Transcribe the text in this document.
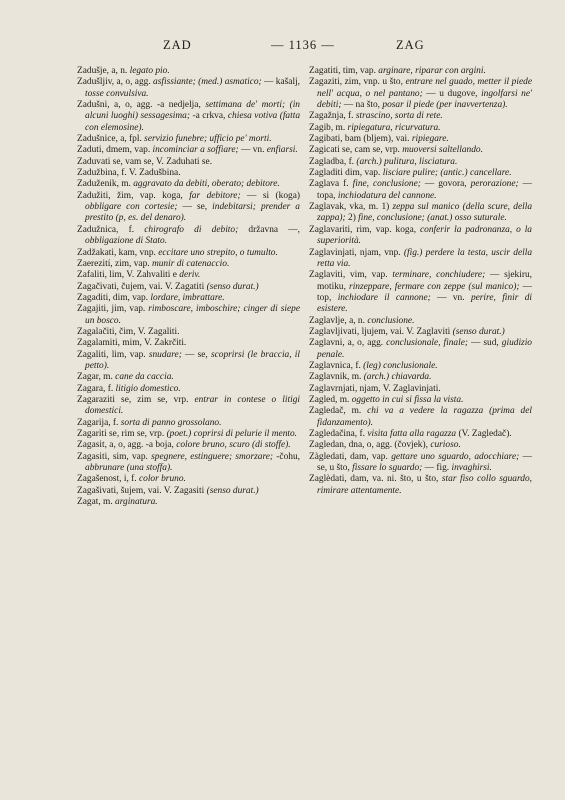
ZAD	— 1136 —	ZAG

Zadušje, a, n. legato pio.

Zadušljiv, a, o, agg. asfissiante; (med.) asmatico; — kašalj, tosse convulsiva.

Zadušni, a, o, agg. -a nedjelja, settimana de' morti; (in alcuni luoghi) sessagesima; -a crkva, chiesa votiva (fatta con elemosine).

Zadušnice, a, fpl. servizio funebre; ufficio pe' morti.

Zaduti, dmem, vap. incominciar a soffiare; — vn. enfiarsi.

Zaduvati se, vam se, V. Zaduhati se.

Zadužbina, f. V. Zadušbina.

Zaduženik, m. aggravato da debiti, oberato; debitore.

Zadužiti, žim, vap. koga, far debitore; — si (koga) obbligare con cortesie; — se, indebitarsi; prender a prestito (p, es. del denaro).

Zadužnica, f. chirografo di debito; državna —, obbligazione di Stato.

Zadžakati, kam, vnp. eccitare uno strepito, o tumulto.

Zaerezití, zim, vap. munir di catenaccio.

Zafaliti, lim, V. Zahvaliti e deriv.

Zagačivati, čujem, vai. V. Zagatiti (senso durat.)

Zagaditi, dim, vap. lordare, imbrattare.

Zagajiti, jim, vap. rimboscare, imboschire; cinger di siepe un bosco.

Zagalačiti, čim, V. Zagaliti.

Zagalamiti, mim, V. Zakrčiti.

Zagaliti, lim, vap. snudare; — se, scoprirsi (le braccia, il petto).

Zagar, m. cane da caccia.

Zagara, f. litigio domestico.

Zagaraziti se, zim se, vrp. entrar in contese o litigi domestici.

Zagarija, f. sorta di panno grossolano.

Zagariti se, rim se, vrp. (poet.) coprirsi di pelurie il mento.

Zagasit, a, o, agg. -a boja, colore bruno, scuro (di stoffe).

Zagasiti, sim, vap. spegnere, estinguere; smorzare; -čohu, abbrunare (una stoffa).

Zagašenost, i, f. color bruno.

Zagašivati, šujem, vai. V. Zagasiti (senso durat.)

Zagat, m. arginatura.

Zagatiti, tim, vap. arginare, riparar con argini.

Zagaziti, zim, vnp. u što, entrare nel guado, metter il piede nell' acqua, o nel pantano; — u dugove, ingolfarsi ne' debiti; — na što, posar il piede (per inavvertenza).

Zagažnja, f. strascino, sorta di rete.

Zagib, m. ripiegatura, ricurvatura.

Zagibati, bam (bljem), vai. ripiegare.

Zagicati se, cam se, vrp. muoversi saltellando.

Zagladba, f. (arch.) pulitura, lisciatura.

Zagladiti dim, vap. lisciare pulire; (antic.) cancellare.

Zaglava f. fine, conclusione; — govora, perorazione; — topa, inchiodatura del cannone.

Zaglavak, vka, m. 1) zeppa sul manico (della scure, della zappa); 2) fine, conclusione; (anat.) osso suturale.

Zaglavariti, rim, vap. koga, conferir la padronanza, o la superiorità.

Zaglavinjati, njam, vnp. (fig.) perdere la testa, uscir della retta via.

Zaglaviti, vim, vap. terminare, conchiudere; — sjekiru, motiku, rinzeppare, fermare con zeppe (sul manico); — top, inchiodare il cannone; — vn. perire, finir di esistere.

Zaglavlje, a, n. conclusione.

Zaglavljivati, ljujem, vai. V. Zaglaviti (senso durat.)

Zaglavni, a, o, agg. conclusionale, finale; — sud, giudizio penale.

Zaglavnica, f. (leg) conclusionale.

Zaglavnik, m. (arch.) chiavarda.

Zaglavrnjati, njam, V. Zaglavinjati.

Zagled, m. oggetto in cui si fissa la vista.

Zagledač, m. chi va a vedere la ragazza (prima del fidanzamento).

Zagledačina, f. visita fatta alla ragazza (V. Zagledač).

Zagledan, dna, o, agg. (čovjek), curioso.

Zàgledati, dam, vap. gettare uno sguardo, adocchiare; — se, u što, fissare lo sguardo; — fig. invaghirsi.

Zaglèdati, dam, va. ni. što, u što, star fiso collo sguardo, rimirare attentamente.
